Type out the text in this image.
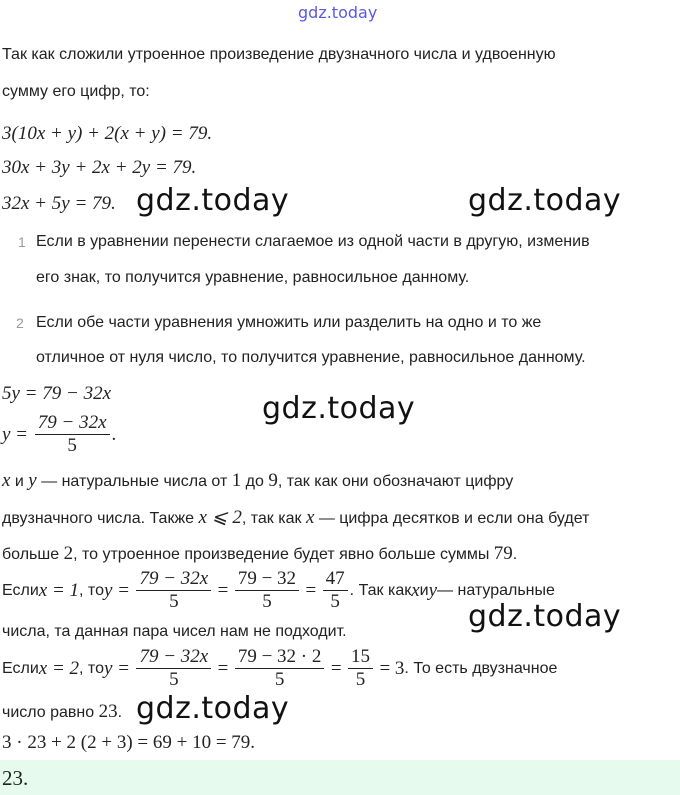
gdz.today
Так как сложили утроенное произведение двузначного числа и удвоенную
сумму его цифр, то:
3(10x + y) + 2(x + y) = 79.
30x + 3y + 2x + 2y = 79.
32x + 5y = 79. gdz.today	gdz.today
1 Если в уравнении перенести слагаемое из одной части в другую, изменив
его знак, то получится уравнение, равносильное данному.
2 Если обе части уравнения умножить или разделить на одно и то же
отличное от нуля число, то получится уравнение, равносильное данному.
5y = 79 − 32x	gdz.today
$y = \frac{79 - 32x}{5}$ .
x и y — натуральные числа от 1 до 9, так как они обозначают цифру
двузначного числа. Также x ⩽ 2, так как x — цифра десятков и если она будет
больше 2, то утроенное произведение будет явно больше суммы 79.
Еслиx = 1, тоy = $\frac{79 - 32x}{5} = \frac{79 - 32}{5} = \frac{47}{5}$ . Так какxиy— натуральные
числа, та данная пара чисел нам не подходит.	gdz.today
Еслиx = 2, тоy = $\frac{79 - 32x}{5} = \frac{79 - 32 \cdot 2}{5} = \frac{15}{5} = 3$. То есть двузначное
число равно 23. gdz.today
3 · 23 + 2 (2 + 3) = 69 + 10 = 79.
23.
